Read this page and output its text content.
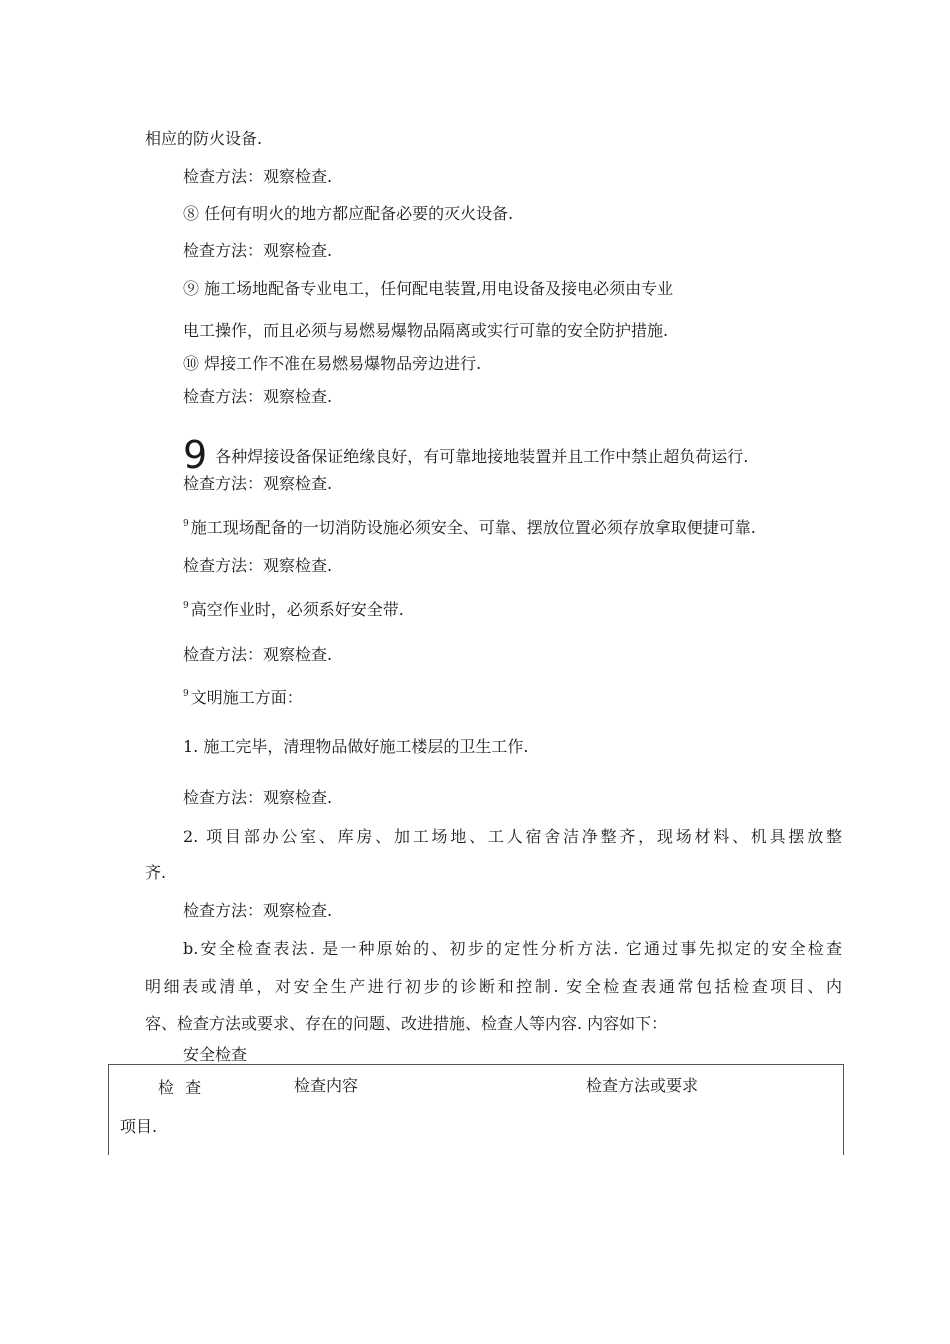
相应的防火设备.
检查方法：观察检查.
⑧ 任何有明火的地方都应配备必要的灭火设备.
检查方法：观察检查.
⑨ 施工场地配备专业电工，任何配电装置,用电设备及接电必须由专业
电工操作，而且必须与易燃易爆物品隔离或实行可靠的安全防护措施.
⑩ 焊接工作不准在易燃易爆物品旁边进行.
检查方法：观察检查.
9 各种焊接设备保证绝缘良好，有可靠地接地装置并且工作中禁止超负荷运行.
检查方法：观察检查.
$^9$ 施工现场配备的一切消防设施必须安全、可靠、摆放位置必须存放拿取便捷可靠.
检查方法：观察检查.
$^9$ 高空作业时，必须系好安全带.
检查方法：观察检查.
$^9$ 文明施工方面：
1. 施工完毕，清理物品做好施工楼层的卫生工作.
检查方法：观察检查.
2. 项目部办公室、库房、加工场地、工人宿舍洁净整齐，现场材料、机具摆放整
齐.
检查方法：观察检查.
b.安全检查表法. 是一种原始的、初步的定性分析方法. 它通过事先拟定的安全检查
明细表或清单，对安全生产进行初步的诊断和控制. 安全检查表通常包括检查项目、内
容、检查方法或要求、存在的问题、改进措施、检查人等内容. 内容如下：
安全检查
检 查	检查内容	检查方法或要求
项目.
